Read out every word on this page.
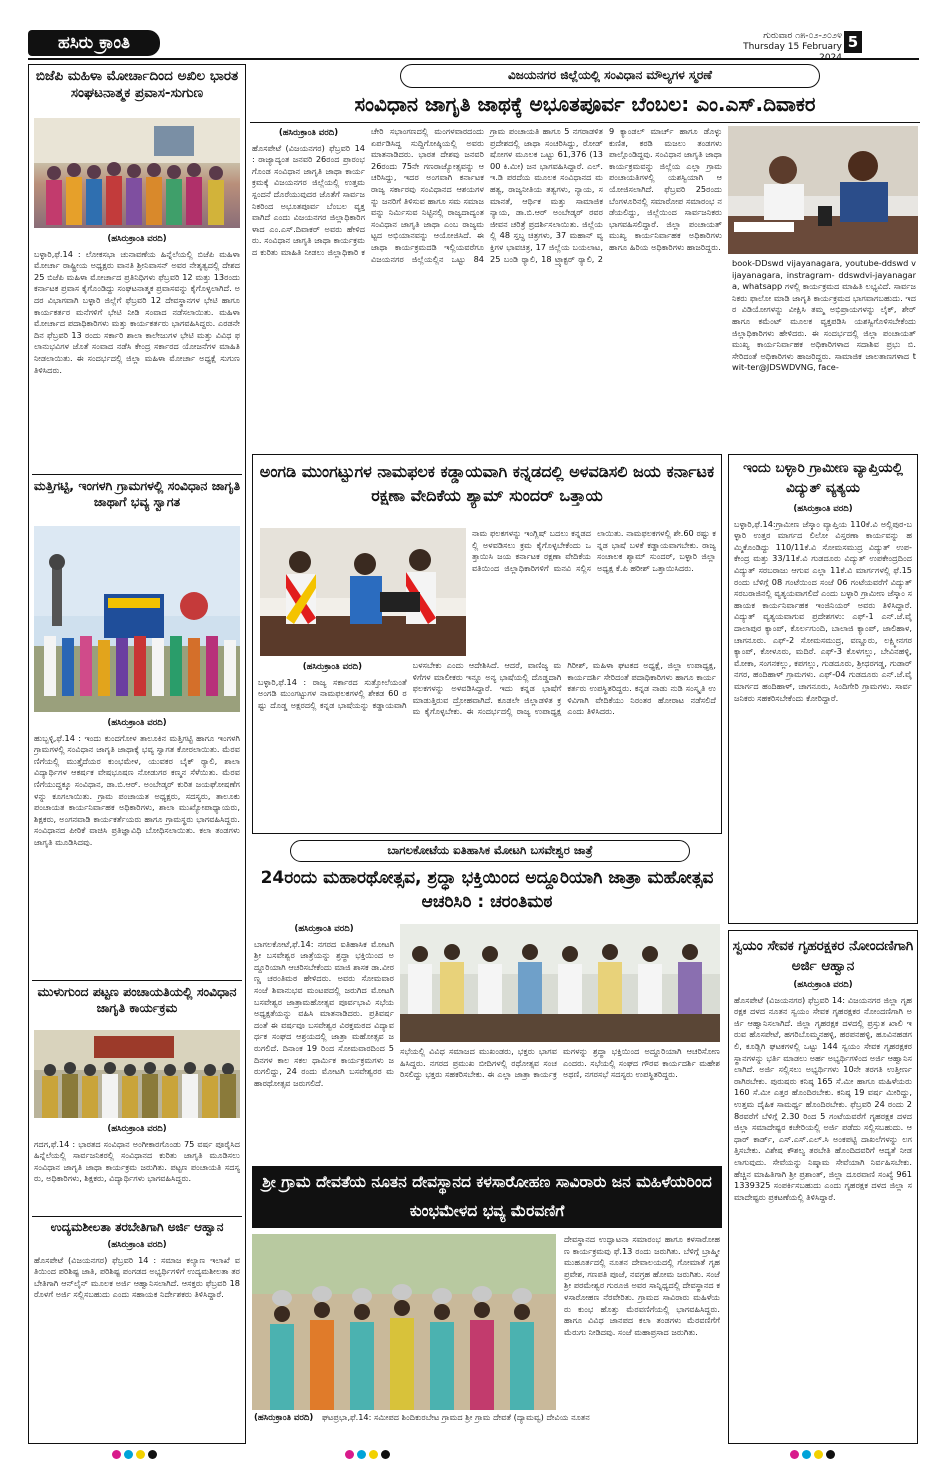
ಹಸಿರು ಕ್ರಾಂತಿ	ಗುರುವಾರ ೧೫-೦೨-೨೦೨೪
Thursday 15 February 5
ಬಿಜೆಪಿ ಮಹಿಳಾ ಮೋರ್ಚಾದಿಂದ ಅಖಿಲ ಭಾರತ ಸಂಘಟನಾತ್ಮಕ ಪ್ರವಾಸ-ಸುಗುಣ
(ಹಸಿರುಕ್ರಾಂತಿ ವರದಿ)
ಬಳ್ಳಾರಿ,ಫೆ.14 : ಲೋಕಸಭಾ ಚುನಾವಣೆಯ ಹಿನ್ನೆಲೆಯಲ್ಲಿ ಬಿಜೆಪಿ ಮಹಿಳಾ ಮೋರ್ಚಾ ರಾಷ್ಟ್ರೀಯ ಅಧ್ಯಕ್ಷರು ವಾನತಿ ಶ್ರೀನಿವಾಸನ್ ಅವರ ನೇತೃತ್ವದಲ್ಲಿ ದೇಶದ 25 ಬಿಜೆಪಿ ಮಹಿಳಾ ಮೋರ್ಚಾದ ಪ್ರತಿನಿಧಿಗಳು ಫೆಬ್ರವರಿ 12 ಮತ್ತು 13ರಂದು ಕರ್ನಾಟಕ ಪ್ರವಾಸ ಕೈಗೊಂಡಿದ್ದು ಸಂಘಟನಾತ್ಮಕ ಪ್ರವಾಸವನ್ನು ಕೈಗೊಳ್ಳಲಾಗಿದೆ. ಅದರ ವಿಭಾಗವಾಗಿ ಬಳ್ಳಾರಿ ಜಿಲ್ಲೆಗೆ ಫೆಬ್ರವರಿ 12 ದೇವಸ್ಥಾನಗಳ ಭೇಟಿ ಹಾಗೂ ಕಾರ್ಯಕರ್ತರ ಮನೆಗಳಿಗೆ ಭೇಟಿ ನೀಡಿ ಸಂವಾದ ನಡೆಸಲಾಯಿತು. ಮಹಿಳಾ ಮೋರ್ಚಾದ ಪದಾಧಿಕಾರಿಗಳು ಮತ್ತು ಕಾರ್ಯಕರ್ತರು ಭಾಗವಹಿಸಿದ್ದರು. ಎರಡನೇ ದಿನ ಫೆಬ್ರವರಿ 13 ರಂದು ಸರ್ಕಾರಿ ಶಾಲಾ ಕಾಲೇಜುಗಳ ಭೇಟಿ ಮತ್ತು ವಿವಿಧ ಫಲಾನುಭವಿಗಳ ಜೊತೆ ಸಂವಾದ ನಡೆಸಿ ಕೇಂದ್ರ ಸರ್ಕಾರದ ಯೋಜನೆಗಳ ಮಾಹಿತಿ ನೀಡಲಾಯಿತು. ಈ ಸಂದರ್ಭದಲ್ಲಿ ಜಿಲ್ಲಾ ಮಹಿಳಾ ಮೋರ್ಚಾ ಅಧ್ಯಕ್ಷೆ ಸುಗುಣ ತಿಳಿಸಿದರು.
ಮತ್ತಿಗಟ್ಟಿ, ಇಂಗಳಗಿ ಗ್ರಾಮಗಳಲ್ಲಿ ಸಂವಿಧಾನ ಜಾಗೃತಿ ಜಾಥಾಗೆ ಭವ್ಯ ಸ್ವಾಗತ
(ಹಸಿರುಕ್ರಾಂತಿ ವರದಿ)
ಹುಬ್ಬಳ್ಳಿ,ಫೆ.14 : ಇಂದು ಕುಂದಗೋಳ ತಾಲೂಕಿನ ಮತ್ತಿಗಟ್ಟಿ ಹಾಗೂ ಇಂಗಳಗಿ ಗ್ರಾಮಗಳಲ್ಲಿ ಸಂವಿಧಾನ ಜಾಗೃತಿ ಜಾಥಾಕ್ಕೆ ಭವ್ಯ ಸ್ವಾಗತ ಕೋರಲಾಯಿತು. ಮೆರವಣಿಗೆಯಲ್ಲಿ ಮುತ್ತೈದೆಯರ ಕುಂಭಮೇಳ, ಯುವಕರ ಬೈಕ್ ರ್‍ಯಾಲಿ, ಶಾಲಾ ವಿದ್ಯಾರ್ಥಿಗಳ ಆಕರ್ಷಕ ವೇಷಭೂಷಣ ನೋಡುಗರ ಕಣ್ಮನ ಸೆಳೆಯಿತು. ಮೆರವಣಿಗೆಯುದ್ದಕ್ಕೂ ಸಂವಿಧಾನ, ಡಾ.ಬಿ.ಆರ್. ಅಂಬೇಡ್ಕರ್ ಕುರಿತ ಜಯಘೋಷಣೆಗಳನ್ನು ಕೂಗಲಾಯಿತು. ಗ್ರಾಮ ಪಂಚಾಯತ ಅಧ್ಯಕ್ಷರು, ಸದಸ್ಯರು, ತಾಲೂಕು ಪಂಚಾಯತ ಕಾರ್ಯನಿರ್ವಾಹಕ ಅಧಿಕಾರಿಗಳು, ಶಾಲಾ ಮುಖ್ಯೋಪಾಧ್ಯಾಯರು, ಶಿಕ್ಷಕರು, ಅಂಗನವಾಡಿ ಕಾರ್ಯಕರ್ತೆಯರು ಹಾಗೂ ಗ್ರಾಮಸ್ಥರು ಭಾಗವಹಿಸಿದ್ದರು. ಸಂವಿಧಾನದ ಪೀಠಿಕೆ ವಾಚಿಸಿ ಪ್ರತಿಜ್ಞಾವಿಧಿ ಬೋಧಿಸಲಾಯಿತು. ಕಲಾ ತಂಡಗಳು ಜಾಗೃತಿ ಮೂಡಿಸಿದವು.
ಮುಳುಗುಂದ ಪಟ್ಟಣ ಪಂಚಾಯತಿಯಲ್ಲಿ ಸಂವಿಧಾನ ಜಾಗೃತಿ ಕಾರ್ಯಕ್ರಮ
(ಹಸಿರುಕ್ರಾಂತಿ ವರದಿ)
ಗದಗ,ಫೆ.14 : ಭಾರತದ ಸಂವಿಧಾನ ಅಂಗೀಕಾರಗೊಂಡು 75 ವರ್ಷ ಪೂರೈಸಿದ ಹಿನ್ನೆಲೆಯಲ್ಲಿ ಸಾರ್ವಜನಿಕರಲ್ಲಿ ಸಂವಿಧಾನದ ಕುರಿತು ಜಾಗೃತಿ ಮೂಡಿಸಲು ಸಂವಿಧಾನ ಜಾಗೃತಿ ಜಾಥಾ ಕಾರ್ಯಕ್ರಮ ಜರುಗಿತು. ಪಟ್ಟಣ ಪಂಚಾಯತಿ ಸದಸ್ಯರು, ಅಧಿಕಾರಿಗಳು, ಶಿಕ್ಷಕರು, ವಿದ್ಯಾರ್ಥಿಗಳು ಭಾಗವಹಿಸಿದ್ದರು.
ಉದ್ಯಮಶೀಲತಾ ತರಬೇತಿಗಾಗಿ ಅರ್ಜಿ ಆಹ್ವಾನ
(ಹಸಿರುಕ್ರಾಂತಿ ವರದಿ)
ಹೊಸಪೇಟೆ (ವಿಜಯನಗರ) ಫೆಬ್ರವರಿ 14 : ಸಮಾಜ ಕಲ್ಯಾಣ ಇಲಾಖೆ ವತಿಯಿಂದ ಪರಿಶಿಷ್ಟ ಜಾತಿ, ಪರಿಶಿಷ್ಟ ಪಂಗಡದ ಅಭ್ಯರ್ಥಿಗಳಿಗೆ ಉದ್ಯಮಶೀಲತಾ ತರಬೇತಿಗಾಗಿ ಆನ್‌ಲೈನ್ ಮೂಲಕ ಅರ್ಜಿ ಆಹ್ವಾನಿಸಲಾಗಿದೆ. ಆಸಕ್ತರು ಫೆಬ್ರವರಿ 18 ರೊಳಗೆ ಅರ್ಜಿ ಸಲ್ಲಿಸಬಹುದು ಎಂದು ಸಹಾಯಕ ನಿರ್ದೇಶಕರು ತಿಳಿಸಿದ್ದಾರೆ.
ವಿಜಯನಗರ ಜಿಲ್ಲೆಯಲ್ಲಿ ಸಂವಿಧಾನ ಮೌಲ್ಯಗಳ ಸ್ಮರಣೆ
ಸಂವಿಧಾನ ಜಾಗೃತಿ ಜಾಥಕ್ಕೆ ಅಭೂತಪೂರ್ವ ಬೆಂಬಲ: ಎಂ.ಎಸ್.ದಿವಾಕರ
(ಹಸಿರುಕ್ರಾಂತಿ ವರದಿ)
ಹೊಸಪೇಟೆ (ವಿಜಯನಗರ) ಫೆಬ್ರವರಿ 14 : ರಾಜ್ಯಾದ್ಯಂತ ಜನವರಿ 26ರಂದ ಪ್ರಾರಂಭಗೊಂಡ ಸಂವಿಧಾನ ಜಾಗೃತಿ ಜಾಥಾ ಕಾರ್ಯಕ್ರಮಕ್ಕೆ ವಿಜಯನಗರ ಜಿಲ್ಲೆಯಲ್ಲಿ ಉತ್ತಮ ಸ್ಪಂದನೆ ದೊರೆಯುವುದರ ಜೊತೆಗೆ ಸಾರ್ವಜನಿಕರಿಂದ ಅಭೂತಪೂರ್ವ ಬೆಂಬಲ ವ್ಯಕ್ತವಾಗಿದೆ ಎಂದು ವಿಜಯನಗರ ಜಿಲ್ಲಾಧಿಕಾರಿಗಳಾದ ಎಂ.ಎಸ್.ದಿವಾಕರ್ ಅವರು ಹೇಳಿದರು. ಸಂವಿಧಾನ ಜಾಗೃತಿ ಜಾಥಾ ಕಾರ್ಯಕ್ರಮದ ಕುರಿತು ಮಾಹಿತಿ ನೀಡಲು ಜಿಲ್ಲಾಧಿಕಾರಿ ಕಚೇರಿ ಸಭಾಂಗಣದಲ್ಲಿ ಮಂಗಳವಾರದಂದು ಏರ್ಪಡಿಸಿದ್ದ ಸುದ್ದಿಗೋಷ್ಠಿಯಲ್ಲಿ ಅವರು ಮಾತನಾಡಿದರು. ಭಾರತ ದೇಶವು ಜನವರಿ 26ರಂದು 75ನೇ ಗಣರಾಜ್ಯೋತ್ಸವನ್ನು ಆಚರಿಸಿದ್ದು, ಇದರ ಅಂಗವಾಗಿ ಕರ್ನಾಟಕ ರಾಜ್ಯ ಸರ್ಕಾರವು ಸಂವಿಧಾನದ ಆಶಯಗಳನ್ನು ಜನರಿಗೆ ತಿಳಿಸುವ ಹಾಗೂ ಸಮ ಸಮಾಜವನ್ನು ನಿರ್ಮಿಸುವ ನಿಟ್ಟಿನಲ್ಲಿ ರಾಜ್ಯದಾದ್ಯಂತ ಸಂವಿಧಾನ ಜಾಗೃತಿ ಜಾಥಾ ಎಂಬ ರಾಜ್ಯಮಟ್ಟದ ಅಭಿಯಾನವನ್ನು ಆಯೋಜಿಸಿದೆ. ಈ ಜಾಥಾ ಕಾರ್ಯಕ್ರಮದಡಿ ಇಲ್ಲಿಯವರೆಗೂ ವಿಜಯನಗರ ಜಿಲ್ಲೆಯಲ್ಲಿನ ಒಟ್ಟು 84 ಗ್ರಾಮ ಪಂಚಾಯತಿ ಹಾಗೂ 5 ನಗರಾಡಳಿತ ಪ್ರದೇಶದಲ್ಲಿ ಜಾಥಾ ಸಂಚರಿಸಿದ್ದು, ರೋಡ್ ಷೋಗಳ ಮೂಲಕ ಒಟ್ಟು 61,376 (1300 ಕಿ.ಮೀ) ಜನ ಭಾಗವಹಿಸಿದ್ದಾರೆ. ಎಲ್.ಇ.ಡಿ ಪರದೆಯ ಮೂಲಕ ಸಂವಿಧಾನದ ಮಹತ್ವ, ರಾಜ್ಯನೀತಿಯ ತತ್ವಗಳು, ನ್ಯಾಯ, ಸಮಾನತೆ, ಆರ್ಥಿಕ ಮತ್ತು ಸಾಮಾಜಿಕ ನ್ಯಾಯ, ಡಾ.ಬಿ.ಆರ್ ಅಂಬೇಡ್ಕರ್ ರವರ ಜೀವನ ಚರಿತ್ರೆ ಪ್ರದರ್ಶಿಸಲಾಯಿತು. ಜಿಲ್ಲೆಯಲ್ಲಿ 48 ಸ್ತಬ್ಧ ಚಿತ್ರಗಳು, 37 ಮಹಾನ್ ವ್ಯಕ್ತಿಗಳ ಭಾವಚಿತ್ರ, 17 ಜಿಲ್ಲೆಯ ಬಯಲಾಟ, 25 ಬಂಡಿ ರ್‍ಯಾಲಿ, 18 ಟ್ರ್ಯಾಕ್ಟರ್ ರ್‍ಯಾಲಿ, 29 ಕ್ಯಾಂಡಲ್ ಮಾರ್ಚ್ ಹಾಗೂ ಡೊಳ್ಳು ಕುಣಿತ, ಕರಡಿ ಮಜಲು ತಂಡಗಳು ಪಾಲ್ಗೊಂಡಿದ್ದವು. ಸಂವಿಧಾನ ಜಾಗೃತಿ ಜಾಥಾ ಕಾರ್ಯಕ್ರಮವನ್ನು ಜಿಲ್ಲೆಯ ಎಲ್ಲಾ ಗ್ರಾಮ ಪಂಚಾಯತಿಗಳಲ್ಲಿ ಯಶಸ್ವಿಯಾಗಿ ಆಯೋಜಿಸಲಾಗಿದೆ. ಫೆಬ್ರವರಿ 25ರಂದು ಬೆಂಗಳೂರಿನಲ್ಲಿ ಸಮಾರೋಪ ಸಮಾರಂಭ ನಡೆಯಲಿದ್ದು, ಜಿಲ್ಲೆಯಿಂದ ಸಾರ್ವಜನಿಕರು ಭಾಗವಹಿಸಲಿದ್ದಾರೆ. ಜಿಲ್ಲಾ ಪಂಚಾಯತ್ ಮುಖ್ಯ ಕಾರ್ಯನಿರ್ವಾಹಕ ಅಧಿಕಾರಿಗಳು ಹಾಗೂ ಹಿರಿಯ ಅಧಿಕಾರಿಗಳು ಹಾಜರಿದ್ದರು.
book-DDswd vijayanagara, youtube-ddswd vijayanagara, instragram- ddswdvi-jayanagara, whatsapp ಗಳಲ್ಲಿ ಕಾರ್ಯಕ್ರಮದ ಮಾಹಿತಿ ಲಭ್ಯವಿದೆ. ಸಾರ್ವಜನಿಕರು ಫಾಲೋ ಮಾಡಿ ಜಾಗೃತಿ ಕಾರ್ಯಕ್ರಮದ ಭಾಗವಾಗಬಹುದು. ಇದರ ವಿಡಿಯೋಗಳನ್ನು ವೀಕ್ಷಿಸಿ ತಮ್ಮ ಅಭಿಪ್ರಾಯಗಳನ್ನು ಲೈಕ್, ಶೇರ್ ಹಾಗೂ ಕಮೆಂಟ್ ಮೂಲಕ ವ್ಯಕ್ತಪಡಿಸಿ ಯಶಸ್ವಿಗೊಳಿಸಬೇಕೆಂದು ಜಿಲ್ಲಾಧಿಕಾರಿಗಳು ಹೇಳಿದರು. ಈ ಸಂದರ್ಭದಲ್ಲಿ ಜಿಲ್ಲಾ ಪಂಚಾಯತ್ ಮುಖ್ಯ ಕಾರ್ಯನಿರ್ವಾಹಕ ಅಧಿಕಾರಿಗಳಾದ ಸದಾಶಿವ ಪ್ರಭು ಬಿ. ಸೇರಿದಂತೆ ಅಧಿಕಾರಿಗಳು ಹಾಜರಿದ್ದರು. ಸಾಮಾಜಿಕ ಜಾಲತಾಣಗಳಾದ twit-ter@JDSWDVNG, face-
ಅಂಗಡಿ ಮುಂಗಟ್ಟುಗಳ ನಾಮಫಲಕ ಕಡ್ಡಾಯವಾಗಿ ಕನ್ನಡದಲ್ಲಿ ಅಳವಡಿಸಲಿ ಜಯ ಕರ್ನಾಟಕ ರಕ್ಷಣಾ ವೇದಿಕೆಯ ಶ್ಯಾಮ್ ಸುಂದರ್ ಒತ್ತಾಯ
ನಾಮ ಫಲಕಗಳನ್ನು ಇಂಗ್ಲಿಷ್ ಬದಲು ಕನ್ನಡದಲ್ಲಿ ಅಳವಡಿಸಲು ಕ್ರಮ ಕೈಗೊಳ್ಳಬೇಕೆಂದು ಒತ್ತಾಯಿಸಿ ಜಯ ಕರ್ನಾಟಕ ರಕ್ಷಣಾ ವೇದಿಕೆಯ ವತಿಯಿಂದ ಜಿಲ್ಲಾಧಿಕಾರಿಗಳಿಗೆ ಮನವಿ ಸಲ್ಲಿಸಲಾಯಿತು. ನಾಮಫಲಕಗಳಲ್ಲಿ ಶೇ.60 ರಷ್ಟು ಕನ್ನಡ ಭಾಷೆ ಬಳಕೆ ಕಡ್ಡಾಯವಾಗಬೇಕು. ರಾಜ್ಯ ಸಂಚಾಲಕ ಶ್ಯಾಮ್ ಸುಂದರ್, ಬಳ್ಳಾರಿ ಜಿಲ್ಲಾ ಅಧ್ಯಕ್ಷ ಕೆ.ಪಿ ಹರೀಶ್ ಒತ್ತಾಯಿಸಿದರು.
(ಹಸಿರುಕ್ರಾಂತಿ ವರದಿ)
ಬಳ್ಳಾರಿ,ಫೆ.14 : ರಾಜ್ಯ ಸರ್ಕಾರದ ಸುತ್ತೋಲೆಯಂತೆ ಅಂಗಡಿ ಮುಂಗಟ್ಟುಗಳ ನಾಮಫಲಕಗಳಲ್ಲಿ ಶೇಕಡ 60 ರಷ್ಟು ದೊಡ್ಡ ಅಕ್ಷರದಲ್ಲಿ ಕನ್ನಡ ಭಾಷೆಯನ್ನು ಕಡ್ಡಾಯವಾಗಿ ಬಳಸಬೇಕು ಎಂದು ಆದೇಶಿಸಿದೆ. ಆದರೆ, ವಾಣಿಜ್ಯ ಮಳಿಗೆಗಳ ಮಾಲೀಕರು ಇನ್ನೂ ಅನ್ಯ ಭಾಷೆಯಲ್ಲಿ ದೊಡ್ಡದಾಗಿ ಫಲಕಗಳನ್ನು ಅಳವಡಿಸಿದ್ದಾರೆ. ಇದು ಕನ್ನಡ ಭಾಷೆಗೆ ಮಾಡುತ್ತಿರುವ ದ್ರೋಹವಾಗಿದೆ. ಕೂಡಲೇ ಜಿಲ್ಲಾಡಳಿತ ಕ್ರಮ ಕೈಗೊಳ್ಳಬೇಕು. ಈ ಸಂದರ್ಭದಲ್ಲಿ ರಾಜ್ಯ ಉಪಾಧ್ಯಕ್ಷ ಗಿರೀಶ್, ಮಹಿಳಾ ಘಟಕದ ಅಧ್ಯಕ್ಷೆ, ಜಿಲ್ಲಾ ಉಪಾಧ್ಯಕ್ಷ, ಕಾರ್ಯದರ್ಶಿ ಸೇರಿದಂತೆ ಪದಾಧಿಕಾರಿಗಳು ಹಾಗೂ ಕಾರ್ಯಕರ್ತರು ಉಪಸ್ಥಿತರಿದ್ದರು. ಕನ್ನಡ ನಾಡು ನುಡಿ ಸಂಸ್ಕೃತಿ ಉಳಿವಿಗಾಗಿ ವೇದಿಕೆಯು ನಿರಂತರ ಹೋರಾಟ ನಡೆಸಲಿದೆ ಎಂದು ತಿಳಿಸಿದರು.
ಇಂದು ಬಳ್ಳಾರಿ ಗ್ರಾಮೀಣ ವ್ಯಾಪ್ತಿಯಲ್ಲಿ ವಿದ್ಯುತ್ ವ್ಯತ್ಯಯ
(ಹಸಿರುಕ್ರಾಂತಿ ವರದಿ)
ಬಳ್ಳಾರಿ,ಫೆ.14:ಗ್ರಾಮೀಣ ಜೆಸ್ಕಾಂ ವ್ಯಾಪ್ತಿಯ 110ಕೆ.ವಿ ಅಲ್ಲಿಪುರ-ಬಳ್ಳಾರಿ ಉತ್ತರ ಮಾರ್ಗದ ಲಿಲೋ ವಿಸ್ತರಣಾ ಕಾರ್ಯವನ್ನು ಹಮ್ಮಿಕೊಂಡಿದ್ದು 110/11ಕೆ.ವಿ ಸೋಮಸಮುದ್ರ ವಿದ್ಯುತ್ ಉಪ-ಕೇಂದ್ರ ಮತ್ತು 33/11ಕೆ.ವಿ ಗುಡದೂರು ವಿದ್ಯುತ್ ಉಪಕೇಂದ್ರದಿಂದ ವಿದ್ಯುತ್ ಸರಬರಾಜು ಆಗುವ ಎಲ್ಲಾ 11ಕೆ.ವಿ ಮಾರ್ಗಗಳಲ್ಲಿ ಫೆ.15 ರಂದು ಬೆಳಿಗ್ಗೆ 08 ಗಂಟೆಯಿಂದ ಸಂಜೆ 06 ಗಂಟೆಯವರೆಗೆ ವಿದ್ಯುತ್ ಸರಬರಾಜಿನಲ್ಲಿ ವ್ಯತ್ಯಯವಾಗಲಿದೆ ಎಂದು ಬಳ್ಳಾರಿ ಗ್ರಾಮೀಣ ಜೆಸ್ಕಾಂ ಸಹಾಯಕ ಕಾರ್ಯನಿರ್ವಾಹಕ ಇಂಜಿನಿಯರ್ ಅವರು ತಿಳಿಸಿದ್ದಾರೆ. ವಿದ್ಯುತ್ ವ್ಯತ್ಯಯವಾಗುವ ಪ್ರದೇಶಗಳು: ಎಫ್-1 ಎನ್.ಜೆ.ವೈ ದಾಲಾಪುರ ಕ್ಯಾಂಪ್, ಕೊರ್ಲಗುಂದಿ, ಬಾಲಾಜಿ ಕ್ಯಾಂಪ್, ಜಾಲಿಹಾಳ, ಚಾಗನೂರು. ಎಫ್-2 ಸೋಮಸಮುದ್ರ, ವಣ್ಣೂರು, ಲಕ್ಷ್ಮೀನಗರ ಕ್ಯಾಂಪ್, ಕೋಳೂರು, ಮದಿರೆ. ಎಫ್-3 ಕೊಳಗಲ್ಲು, ಬೇವಿನಹಳ್ಳಿ, ಮೋಕಾ, ಸಂಗನಕಲ್ಲು, ಕಪಗಲ್ಲು, ಗುಡದೂರು, ಶ್ರೀಧರಗಡ್ಡ, ಗುಡಾರ್ ನಗರ, ಹಂದಿಹಾಳ್ ಗ್ರಾಮಗಳು. ಎಫ್-04 ಗುಡದೂರು ಎನ್.ಜೆ.ವೈ ಮಾರ್ಗದ ಹಂದಿಹಾಳ್, ಚಾಗನೂರು, ಸಿಂದಿಗೇರಿ ಗ್ರಾಮಗಳು. ಸಾರ್ವಜನಿಕರು ಸಹಕರಿಸಬೇಕೆಂದು ಕೋರಿದ್ದಾರೆ.
ಬಾಗಲಕೋಟೆಯ ಐತಿಹಾಸಿಕ ಮೋಟಗಿ ಬಸವೇಶ್ವರ ಜಾತ್ರೆ
24ರಂದು ಮಹಾರಥೋತ್ಸವ, ಶ್ರದ್ಧಾ ಭಕ್ತಿಯಿಂದ ಅದ್ದೂರಿಯಾಗಿ ಜಾತ್ರಾ ಮಹೋತ್ಸವ ಆಚರಿಸಿರಿ : ಚರಂತಿಮಠ
(ಹಸಿರುಕ್ರಾಂತಿ ವರದಿ)
ಬಾಗಲಕೋಟೆ,ಫೆ.14: ನಗರದ ಐತಿಹಾಸಿಕ ಮೋಟಗಿ ಶ್ರೀ ಬಸವೇಶ್ವರ ಜಾತ್ರೆಯನ್ನು ಶ್ರದ್ಧಾ ಭಕ್ತಿಯಿಂದ ಅದ್ದೂರಿಯಾಗಿ ಆಚರಿಸಬೇಕೆಂದು ಮಾಜಿ ಶಾಸಕ ಡಾ.ವೀರಣ್ಣ ಚರಂತಿಮಠ ಹೇಳಿದರು. ಅವರು ಸೋಮವಾರ ಸಂಜೆ ಶಿವಾನುಭವ ಮಂಟಪದಲ್ಲಿ ಜರುಗಿದ ಮೋಟಗಿ ಬಸವೇಶ್ವರ ಜಾತ್ರಾಮಹೋತ್ಸವ ಪೂರ್ವಭಾವಿ ಸಭೆಯ ಅಧ್ಯಕ್ಷತೆಯನ್ನು ವಹಿಸಿ ಮಾತನಾಡಿದರು. ಪ್ರತಿವರ್ಷದಂತೆ ಈ ವರ್ಷವೂ ಬಸವೇಶ್ವರ ವಿರಕ್ತಮಠದ ವಿದ್ಯಾವರ್ಧಕ ಸಂಘದ ಆಶ್ರಯದಲ್ಲಿ ಜಾತ್ರಾ ಮಹೋತ್ಸವ ಜರುಗಲಿದೆ. ದಿನಾಂಕ 19 ರಿಂದ ಸೋಮವಾರದಿಂದ 5 ದಿನಗಳ ಕಾಲ ಸಕಲ ಧಾರ್ಮಿಕ ಕಾರ್ಯಕ್ರಮಗಳು ಜರುಗಲಿದ್ದು, 24 ರಂದು ಮೋಟಗಿ ಬಸವೇಶ್ವರರ ಮಹಾರಥೋತ್ಸವ ಜರುಗಲಿದೆ.
ಸಭೆಯಲ್ಲಿ ವಿವಿಧ ಸಮಾಜದ ಮುಖಂಡರು, ಭಕ್ತರು ಭಾಗವಹಿಸಿದ್ದರು. ನಗರದ ಪ್ರಮುಖ ಬೀದಿಗಳಲ್ಲಿ ರಥೋತ್ಸವ ಸಂಚರಿಸಲಿದ್ದು ಭಕ್ತರು ಸಹಕರಿಸಬೇಕು. ಈ ಎಲ್ಲಾ ಜಾತ್ರಾ ಕಾರ್ಯಕ್ರಮಗಳನ್ನು ಶ್ರದ್ಧಾ ಭಕ್ತಿಯಿಂದ ಅದ್ದೂರಿಯಾಗಿ ಆಚರಿಸೋಣ ಎಂದರು. ಸಭೆಯಲ್ಲಿ ಸಂಘದ ಗೌರವ ಕಾರ್ಯದರ್ಶಿ ಮಹೇಶ ಅಥಣಿ, ನಗರಸಭೆ ಸದಸ್ಯರು ಉಪಸ್ಥಿತರಿದ್ದರು.
ಸ್ವಯಂ ಸೇವಕ ಗೃಹರಕ್ಷಕರ ನೋಂದಣಿಗಾಗಿ ಅರ್ಜಿ ಆಹ್ವಾನ
(ಹಸಿರುಕ್ರಾಂತಿ ವರದಿ)
ಹೊಸಪೇಟೆ (ವಿಜಯನಗರ) ಫೆಬ್ರವರಿ 14: ವಿಜಯನಗರ ಜಿಲ್ಲಾ ಗೃಹರಕ್ಷಕ ದಳದ ನೂತನ ಸ್ವಯಂ ಸೇವಕ ಗೃಹರಕ್ಷಕರ ನೋಂದಣಿಗಾಗಿ ಅರ್ಜಿ ಆಹ್ವಾನಿಸಲಾಗಿದೆ. ಜಿಲ್ಲಾ ಗೃಹರಕ್ಷಕ ದಳದಲ್ಲಿ ಪ್ರಸ್ತುತ ಖಾಲಿ ಇರುವ ಹೊಸಪೇಟೆ, ಹಗರಿಬೊಮ್ಮನಹಳ್ಳಿ, ಹರಪನಹಳ್ಳಿ, ಹೂವಿನಹಡಗಲಿ, ಕೂಡ್ಲಿಗಿ ಘಟಕಗಳಲ್ಲಿ ಒಟ್ಟು 144 ಸ್ವಯಂ ಸೇವಕ ಗೃಹರಕ್ಷಕರ ಸ್ಥಾನಗಳನ್ನು ಭರ್ತಿ ಮಾಡಲು ಅರ್ಹ ಅಭ್ಯರ್ಥಿಗಳಿಂದ ಅರ್ಜಿ ಆಹ್ವಾನಿಸಲಾಗಿದೆ. ಅರ್ಜಿ ಸಲ್ಲಿಸಲು ಅಭ್ಯರ್ಥಿಗಳು 10ನೇ ತರಗತಿ ಉತ್ತೀರ್ಣರಾಗಿರಬೇಕು. ಪುರುಷರು ಕನಿಷ್ಠ 165 ಸೆ.ಮೀ ಹಾಗೂ ಮಹಿಳೆಯರು 160 ಸೆ.ಮೀ ಎತ್ತರ ಹೊಂದಿರಬೇಕು. ಕನಿಷ್ಠ 19 ವರ್ಷ ಮೀರಿದ್ದು, ಉತ್ತಮ ದೈಹಿಕ ಸಾಮರ್ಥ್ಯ ಹೊಂದಿರಬೇಕು. ಫೆಬ್ರವರಿ 24 ರಂದು 28ರವರೆಗೆ ಬೆಳಿಗ್ಗೆ 2.30 ರಿಂದ 5 ಗಂಟೆಯವರೆಗೆ ಗೃಹರಕ್ಷಕ ದಳದ ಜಿಲ್ಲಾ ಸಮಾದೇಷ್ಟರ ಕಚೇರಿಯಲ್ಲಿ ಅರ್ಜಿ ಪಡೆದು ಸಲ್ಲಿಸಬಹುದು. ಆಧಾರ್ ಕಾರ್ಡ್, ಎಸ್.ಎಸ್.ಎಲ್.ಸಿ ಅಂಕಪಟ್ಟಿ ದಾಖಲೆಗಳನ್ನು ಲಗತ್ತಿಸಬೇಕು. ವಿಶೇಷ ಕೌಶಲ್ಯ ತರಬೇತಿ ಹೊಂದಿದವರಿಗೆ ಆದ್ಯತೆ ನೀಡಲಾಗುವುದು. ಸೇವೆಯನ್ನು ನಿಷ್ಕಾಮ ಸೇವೆಯಾಗಿ ನಿರ್ವಹಿಸಬೇಕು. ಹೆಚ್ಚಿನ ಮಾಹಿತಿಗಾಗಿ ಶ್ರೀ ಪ್ರಶಾಂತ್, ಜಿಲ್ಲಾ ದೂರವಾಣಿ ಸಂಖ್ಯೆ 9611339325 ಸಂಪರ್ಕಿಸಬಹುದು ಎಂದು ಗೃಹರಕ್ಷಕ ದಳದ ಜಿಲ್ಲಾ ಸಮಾದೇಷ್ಟರು ಪ್ರಕಟಣೆಯಲ್ಲಿ ತಿಳಿಸಿದ್ದಾರೆ.
ಶ್ರೀ ಗ್ರಾಮ ದೇವತೆಯ ನೂತನ ದೇವಸ್ಥಾನದ ಕಳಸಾರೋಹಣ ಸಾವಿರಾರು ಜನ ಮಹಿಳೆಯರಿಂದ ಕುಂಭಮೇಳದ ಭವ್ಯ ಮೆರವಣಿಗೆ
ದೇವಸ್ಥಾನದ ಉದ್ಘಾಟನಾ ಸಮಾರಂಭ ಹಾಗೂ ಕಳಸಾರೋಹಣ ಕಾರ್ಯಕ್ರಮವು ಫೆ.13 ರಂದು ಜರುಗಿತು. ಬೆಳಿಗ್ಗೆ ಬ್ರಾಹ್ಮೀ ಮುಹೂರ್ತದಲ್ಲಿ ನೂತನ ದೇವಾಲಯದಲ್ಲಿ ಗೋಮಾತೆ ಗೃಹ ಪ್ರವೇಶ, ಗಣಪತಿ ಪೂಜೆ, ನವಗ್ರಹ ಹೋಮ ಜರುಗಿತು. ಸಂಜೆ ಶ್ರೀ ಪರಮೇಶ್ವರ ಗುರೂಜಿ ಅವರ ಸಾನ್ನಿಧ್ಯದಲ್ಲಿ ದೇವಸ್ಥಾನದ ಕಳಸಾರೋಹಣ ನೆರವೇರಿತು. ಗ್ರಾಮದ ಸಾವಿರಾರು ಮಹಿಳೆಯರು ಕುಂಭ ಹೊತ್ತು ಮೆರವಣಿಗೆಯಲ್ಲಿ ಭಾಗವಹಿಸಿದ್ದರು. ಹಾಗೂ ವಿವಿಧ ಜಾನಪದ ಕಲಾ ತಂಡಗಳು ಮೆರವಣಿಗೆಗೆ ಮೆರುಗು ನೀಡಿದವು. ಸಂಜೆ ಮಹಾಪ್ರಸಾದ ಜರುಗಿತು.
(ಹಸಿರುಕ್ರಾಂತಿ ವರದಿ) ಘಟಪ್ರಭಾ,ಫೆ.14: ಸಮೀಪದ ಶಿಂದಿಕುರಬೇಟ ಗ್ರಾಮದ ಶ್ರೀ ಗ್ರಾಮ ದೇವತೆ (ದ್ಯಾಮವ್ವ) ದೇವಿಯ ನೂತನ
